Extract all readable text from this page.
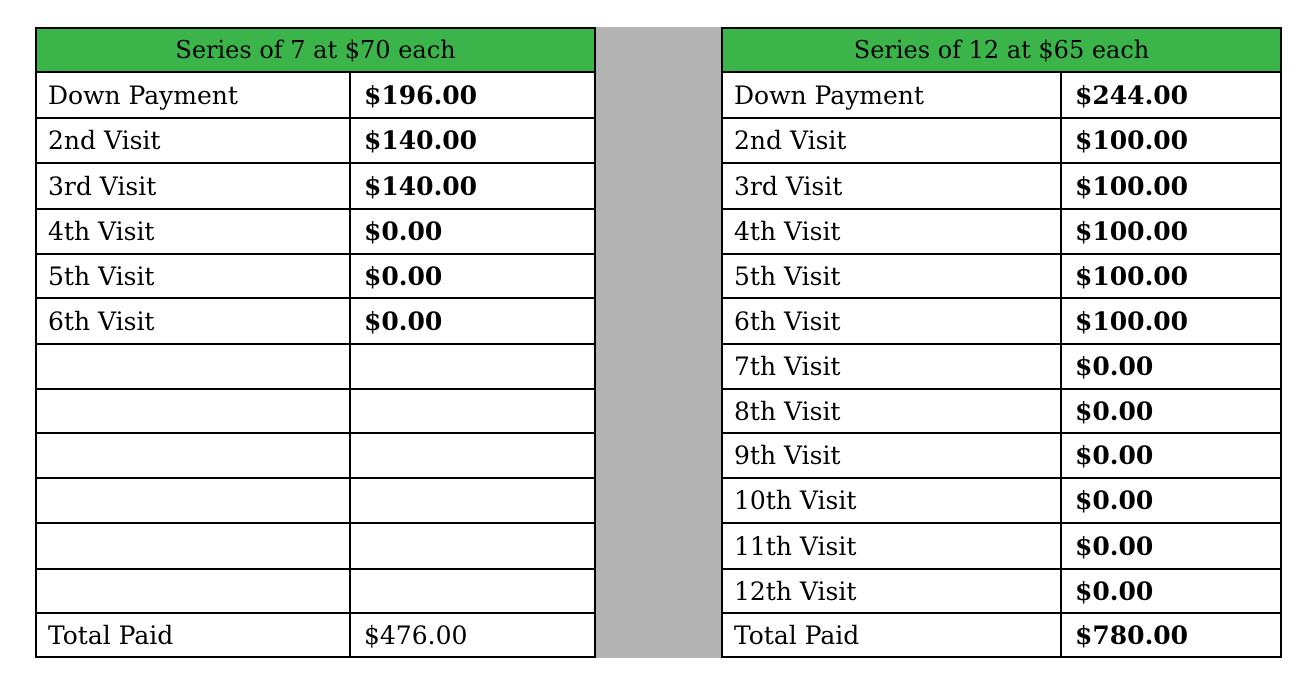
Series of 7 at $70 each
Down Payment	$196.00
2nd Visit	$140.00
3rd Visit	$140.00
4th Visit	$0.00
5th Visit	$0.00
6th Visit	$0.00
Total Paid	$476.00
Series of 12 at $65 each
Down Payment	$244.00
2nd Visit	$100.00
3rd Visit	$100.00
4th Visit	$100.00
5th Visit	$100.00
6th Visit	$100.00
7th Visit	$0.00
8th Visit	$0.00
9th Visit	$0.00
10th Visit	$0.00
11th Visit	$0.00
12th Visit	$0.00
Total Paid	$780.00
